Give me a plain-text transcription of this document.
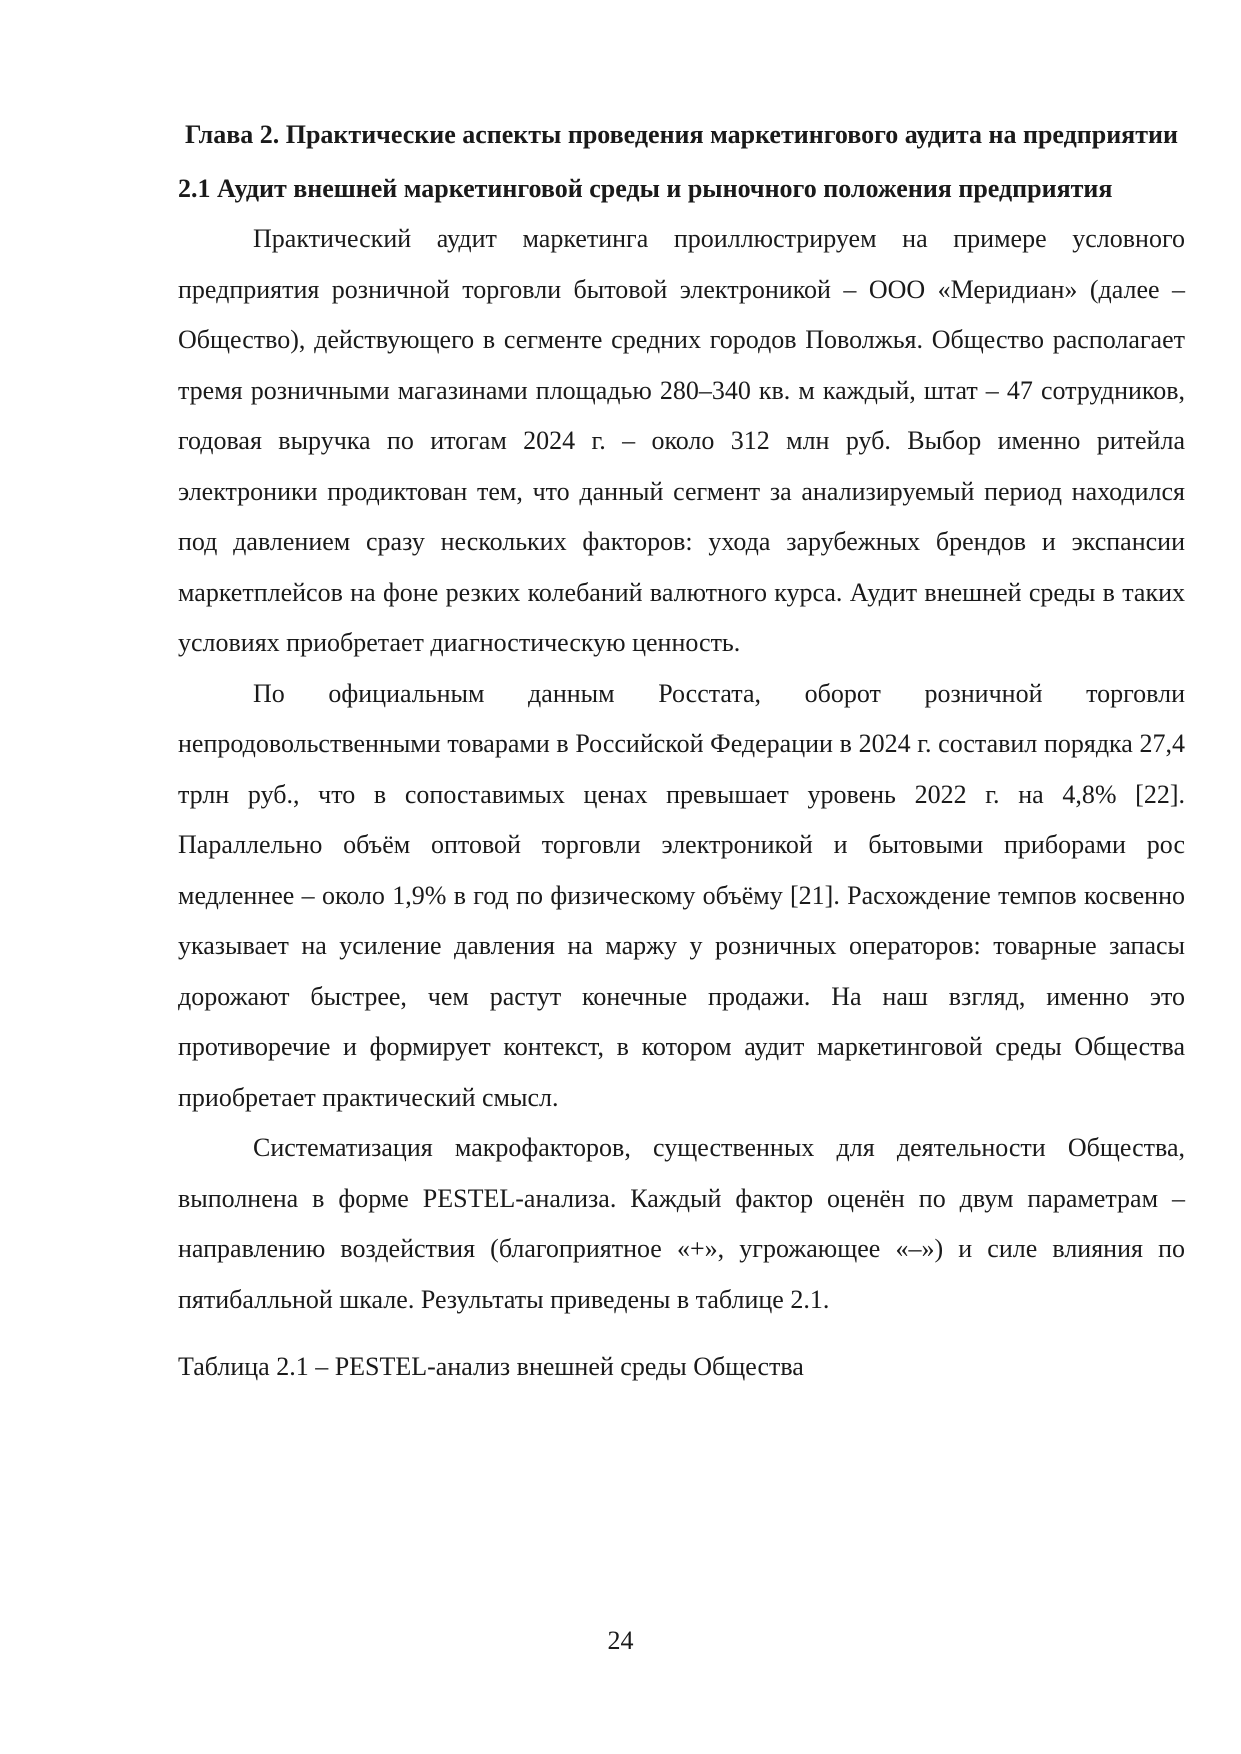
Глава 2. Практические аспекты проведения маркетингового аудита на предприятии
2.1 Аудит внешней маркетинговой среды и рыночного положения предприятия

Практический аудит маркетинга проиллюстрируем на примере условного предприятия розничной торговли бытовой электроникой – ООО «Меридиан» (далее – Общество), действующего в сегменте средних городов Поволжья. Общество располагает тремя розничными магазинами площадью 280–340 кв. м каждый, штат – 47 сотрудников, годовая выручка по итогам 2024 г. – около 312 млн руб. Выбор именно ритейла электроники продиктован тем, что данный сегмент за анализируемый период находился под давлением сразу нескольких факторов: ухода зарубежных брендов и экспансии маркетплейсов на фоне резких колебаний валютного курса. Аудит внешней среды в таких условиях приобретает диагностическую ценность.

По официальным данным Росстата, оборот розничной торговли непродовольственными товарами в Российской Федерации в 2024 г. составил порядка 27,4 трлн руб., что в сопоставимых ценах превышает уровень 2022 г. на 4,8% [22]. Параллельно объём оптовой торговли электроникой и бытовыми приборами рос медленнее – около 1,9% в год по физическому объёму [21]. Расхождение темпов косвенно указывает на усиление давления на маржу у розничных операторов: товарные запасы дорожают быстрее, чем растут конечные продажи. На наш взгляд, именно это противоречие и формирует контекст, в котором аудит маркетинговой среды Общества приобретает практический смысл.

Систематизация макрофакторов, существенных для деятельности Общества, выполнена в форме PESTEL-анализа. Каждый фактор оценён по двум параметрам – направлению воздействия (благоприятное «+», угрожающее «–») и силе влияния по пятибалльной шкале. Результаты приведены в таблице 2.1.

Таблица 2.1 – PESTEL-анализ внешней среды Общества

24
